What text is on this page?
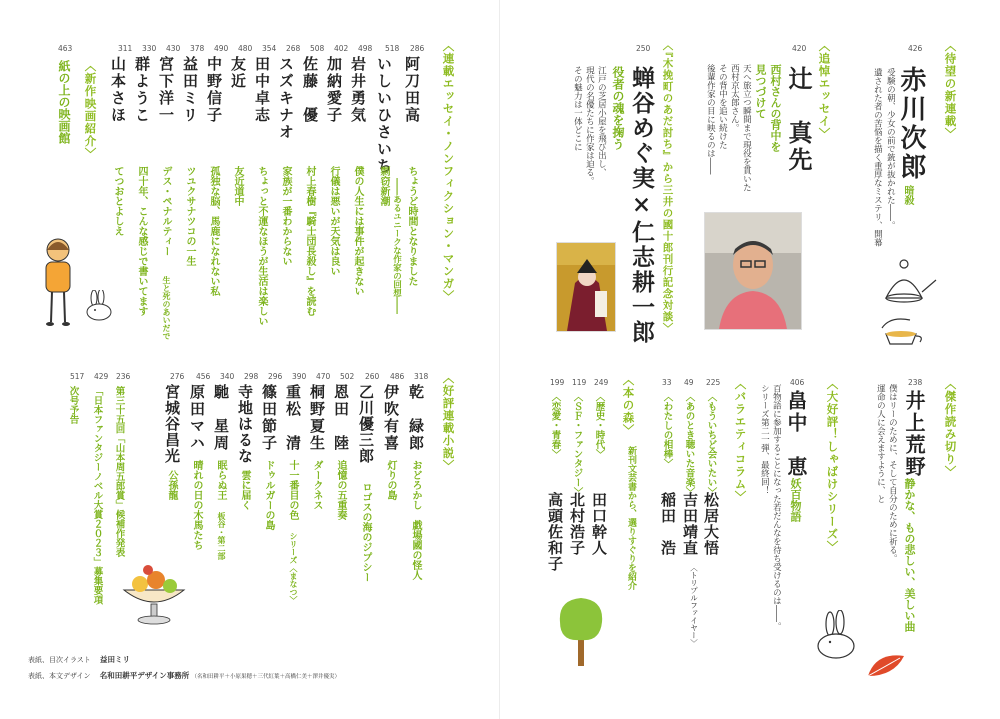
〈待望の新連載〉
426
赤川次郎
暗殺
受験の朝、少女の前で銃が抜かれた――。
遺された者の苦悩を描く重厚なミステリ、開幕
〈追悼エッセイ〉
420
辻　真先
西村さんの背中を
見つづけて
天へ旅立つ瞬間まで現役を貫いた
西村京太郎さん。
その背中を追い続けた
後輩作家の目に映るのは――
〈『木挽町のあだ討ち』から三井の國十郎刊行記念対談〉
250
蝉谷めぐ実×仁志耕一郎
役者の魂を掬う
江戸の芝居小屋を飛び出し、
現代の名優たちに作家は迫る。
その魅力は一体どこに
〈傑作読み切り〉
238
井上荒野
静かな、もの悲しい、美しい曲
僕はリーのために、そして自分のために祈る。
運命の人に会えますように、と
〈大好評！しゃばけシリーズ〉
406
畠中　恵
妖百物語
百物語に参加することになった若だんなを待ち受けるのは――。
シリーズ第二一弾、最終回！
〈バラエティコラム〉
225
〈もういちど会いたい〉
松居大悟
49
〈あのとき聴いた音楽〉
吉田靖直
〈トリプルファイヤー〉
33
〈わたしの相棒〉
稲田　浩
〈本の森〉
新刊文芸書から、選りすぐりを紹介
249
〈歴史・時代〉
田口幹人
119
〈ＳＦ・ファンタジー〉
北村浩子
199
〈恋愛・青春〉
高頭佐和子
〈連載エッセイ・ノンフィクション・マンガ〉
286
阿刀田高
ちょうど時間となりました
――あるユニークな作家の回想――
518
いしいひさいち
剽窃新潮
498
岩井勇気
僕の人生には事件が起きない
402
加納愛子
行儀は悪いが天気は良い
508
佐藤　優
村上春樹『騎士団長殺し』を読む
268
スズキナオ
家族が一番わからない
354
田中卓志
ちょっと不運なほうが生活は楽しい
480
友近
友近道中
490
中野信子
孤独な脳、馬鹿になれない私
378
益田ミリ
ツユクサナツコの一生
430
宮下洋一
デス・ペナルティー
生と死のあいだで
330
群ようこ
四十年、こんな感じで書いてます
311
山本さほ
てつおとよしえ
〈新作映画紹介〉
463
紙の上の映画館
〈好評連載小説〉
318
乾　緑郎
おどろかし　戯場國の怪人
486
伊吹有喜
灯りの島
260
乙川優三郎
ロゴスの海のジプシー
502
恩田　陸
追憶の五重奏
470
桐野夏生
ダークネス
390
重松　清
十一番目の色
シリーズ〈まなつ〉
296
篠田節子
ドゥルガーの島
298
寺地はるな
雲に届く
340
馳　星周
眠らぬ王
板谷・第二部
456
原田マハ
晴れの日の木馬たち
276
宮城谷昌光
公孫龍
236
第三十五回「山本周五郎賞」候補作発表
429
「日本ファンタジーノベル大賞２０２３」募集要項
517
次号予告
表紙、目次イラスト　 益田ミリ
表紙、本文デザイン　 名和田耕平デザイン事務所 （名和田耕平＋小原果穂＋三代紅葉＋高橋仁美＋澤井優実）
